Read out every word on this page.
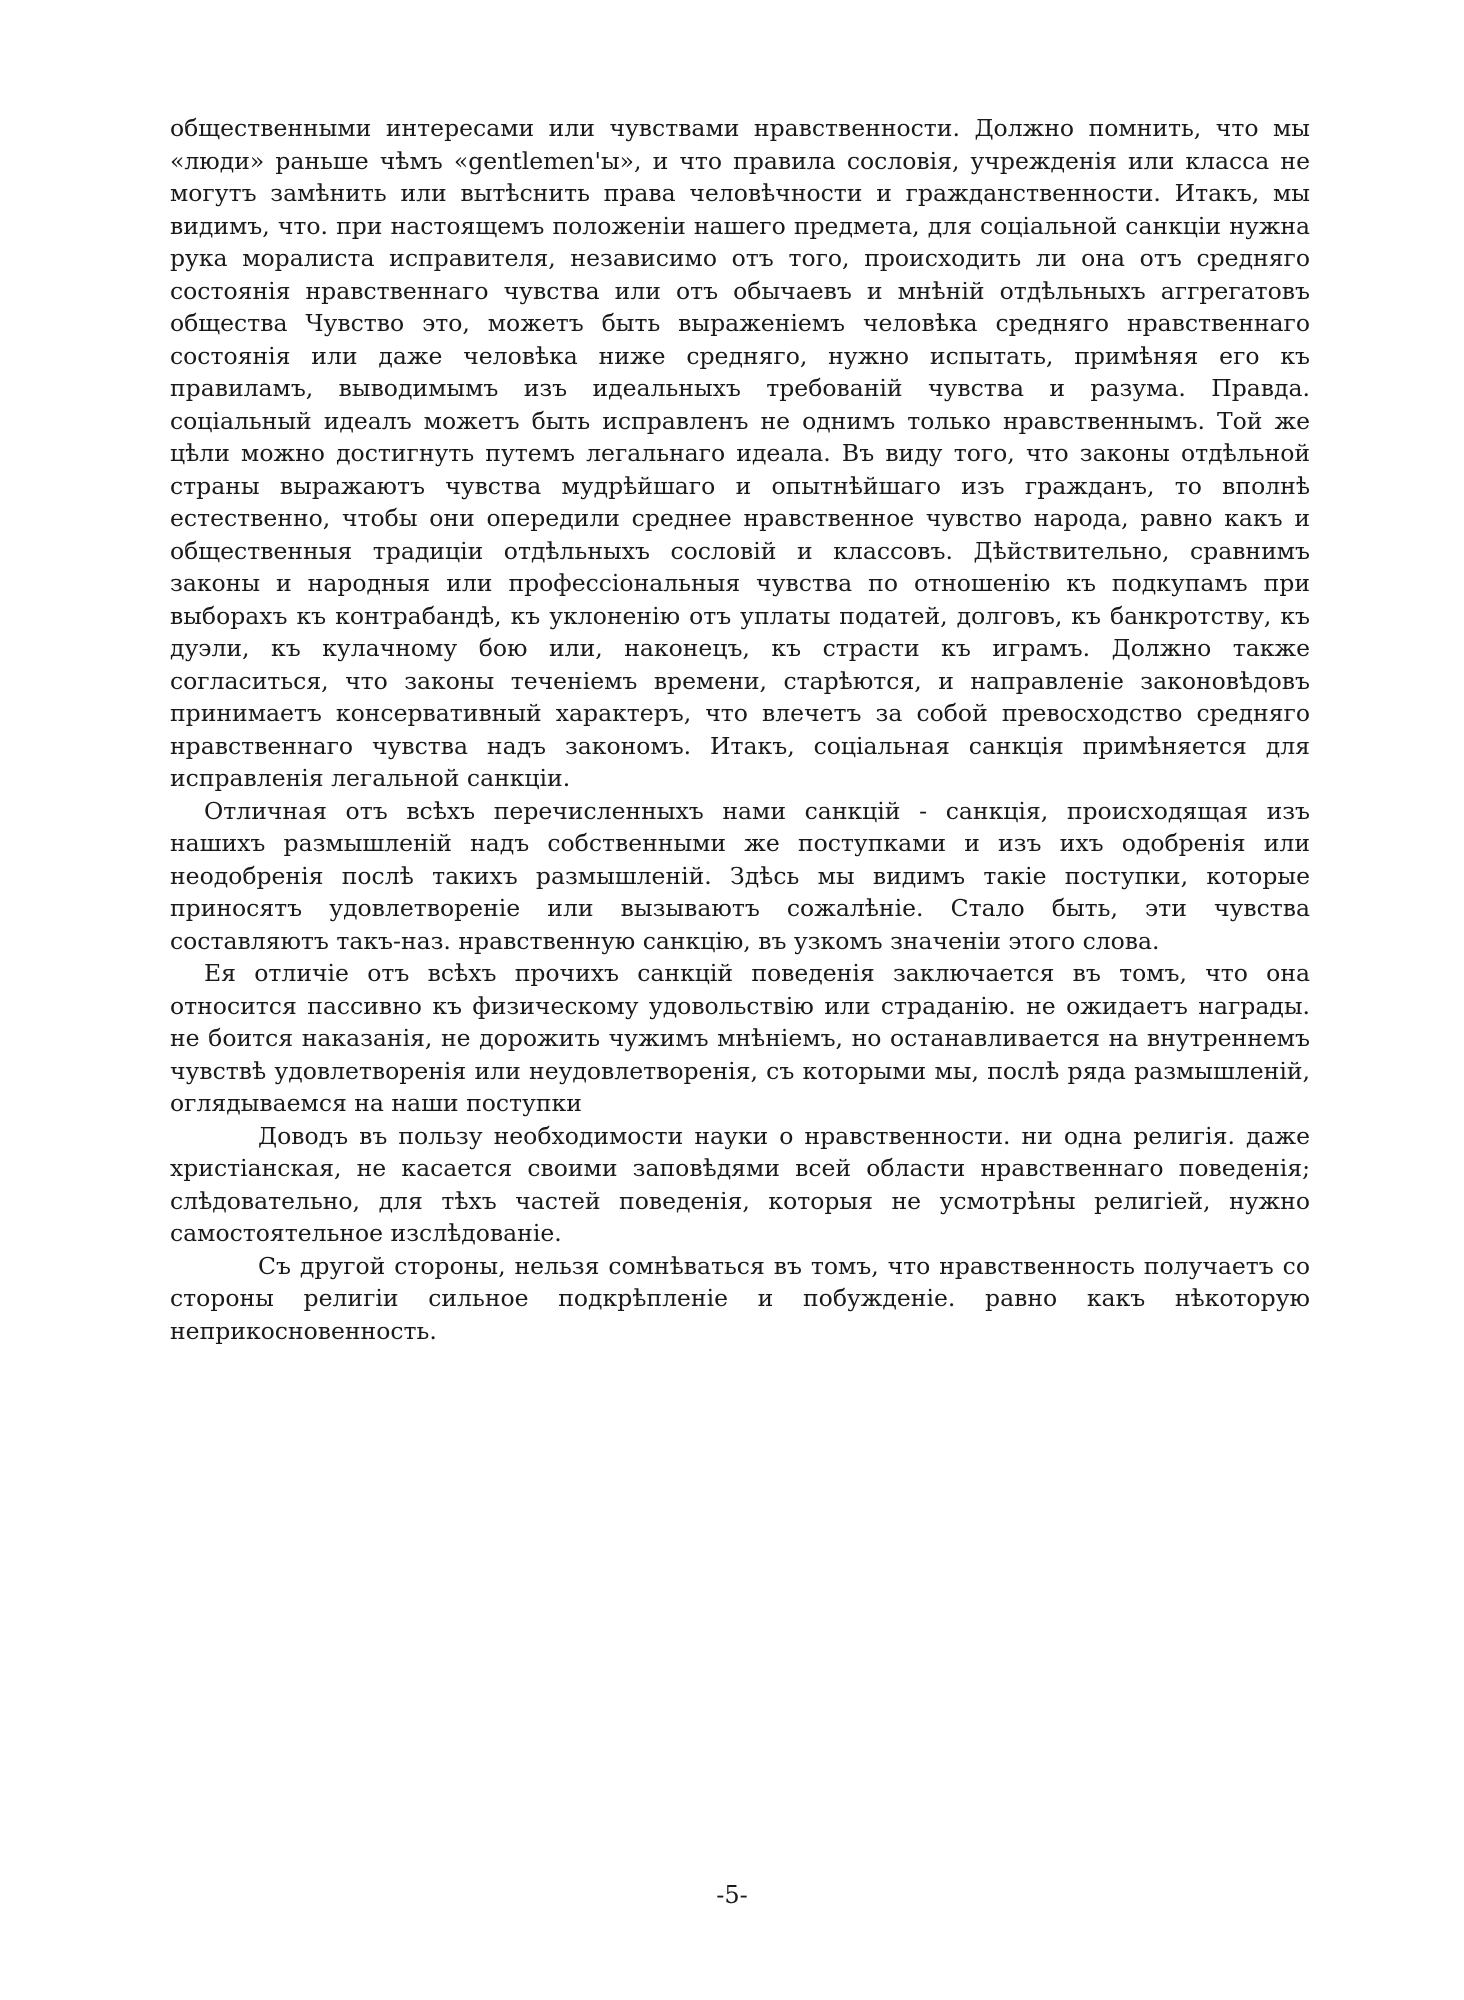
общественными интересами или чувствами нравственности. Должно помнить, что мы «люди» раньше чѣмъ «gentlemen'ы», и что правила сословія, учрежденія или класса не могутъ замѣнить или вытѣснить права человѣчности и гражданственности. Итакъ, мы видимъ, что. при настоящемъ положеніи нашего предмета, для соціальной санкціи нужна рука моралиста исправителя, независимо отъ того, происходить ли она отъ средняго состоянія нравственнаго чувства или отъ обычаевъ и мнѣній отдѣльныхъ аггрегатовъ общества Чувство это, можетъ быть выраженіемъ человѣка средняго нравственнаго состоянія или даже человѣка ниже средняго, нужно испытать, примѣняя его къ правиламъ, выводимымъ изъ идеальныхъ требованій чувства и разума. Правда. соціальный идеалъ можетъ быть исправленъ не однимъ только нравственнымъ. Той же цѣли можно достигнуть путемъ легальнаго идеала. Въ виду того, что законы отдѣльной страны выражаютъ чувства мудрѣйшаго и опытнѣйшаго изъ гражданъ, то вполнѣ естественно, чтобы они опередили среднее нравственное чувство народа, равно какъ и общественныя традиціи отдѣльныхъ сословій и классовъ. Дѣйствительно, сравнимъ законы и народныя или профессіональныя чувства по отношенію къ подкупамъ при выборахъ къ контрабандѣ, къ уклоненію отъ уплаты податей, долговъ, къ банкротству, къ дуэли, къ кулачному бою или, наконецъ, къ страсти къ играмъ. Должно также согласиться, что законы теченіемъ времени, старѣются, и направленіе законовѣдовъ принимаетъ консервативный характеръ, что влечетъ за собой превосходство средняго нравственнаго чувства надъ закономъ. Итакъ, соціальная санкція примѣняется для исправленія легальной санкціи.

Отличная отъ всѣхъ перечисленныхъ нами санкцій - санкція, происходящая изъ нашихъ размышленій надъ собственными же поступками и изъ ихъ одобренія или неодобренія послѣ такихъ размышленій. Здѣсь мы видимъ такіе поступки, которые приносятъ удовлетвореніе или вызываютъ сожалѣніе. Стало быть, эти чувства составляютъ такъ-наз. нравственную санкцію, въ узкомъ значеніи этого слова.

Ея отличіе отъ всѣхъ прочихъ санкцій поведенія заключается въ томъ, что она относится пассивно къ физическому удовольствію или страданію. не ожидаетъ награды. не боится наказанія, не дорожить чужимъ мнѣніемъ, но останавливается на внутреннемъ чувствѣ удовлетворенія или неудовлетворенія, съ которыми мы, послѣ ряда размышленій, оглядываемся на наши поступки

Доводъ въ пользу необходимости науки о нравственности. ни одна религія. даже христіанская, не касается своими заповѣдями всей области нравственнаго поведенія; слѣдовательно, для тѣхъ частей поведенія, которыя не усмотрѣны религіей, нужно самостоятельное изслѣдованіе.

Съ другой стороны, нельзя сомнѣваться въ томъ, что нравственность получаетъ со стороны религіи сильное подкрѣпленіе и побужденіе. равно какъ нѣкоторую неприкосновенность.

-5-
